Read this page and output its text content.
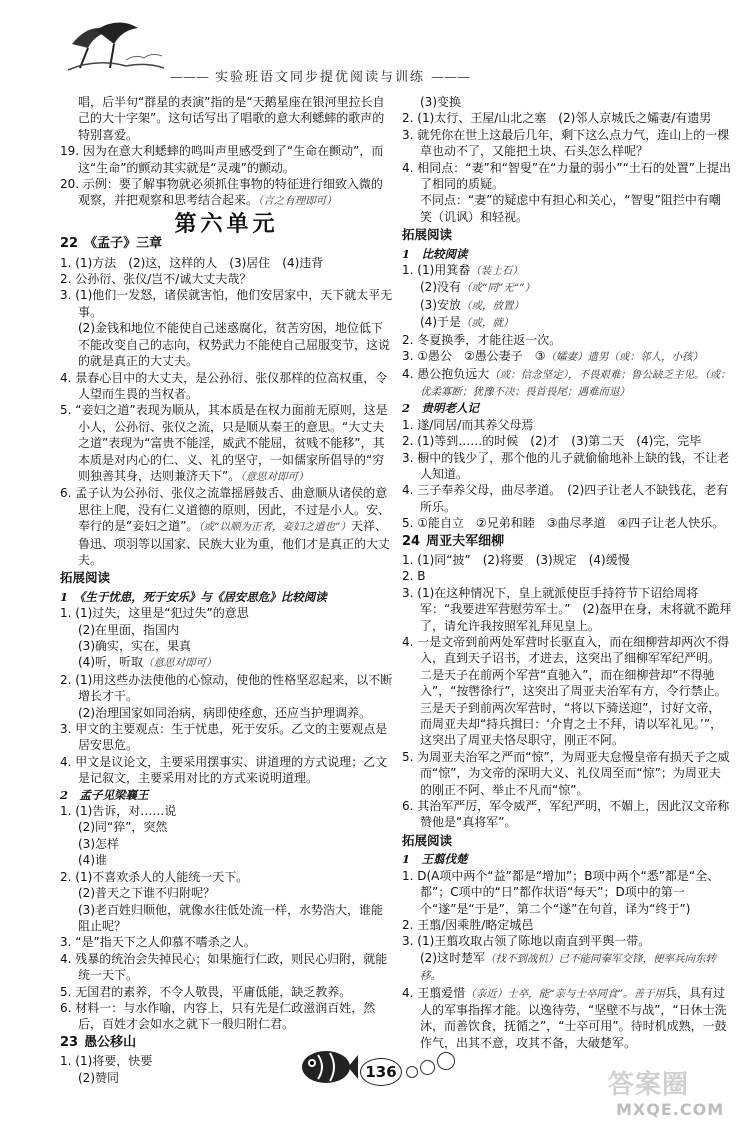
——— 实验班语文同步提优阅读与训练 ———

唱，后半句“群星的表演”指的是“天鹅星座在银河里拉长自己的大十字架”。这句话写出了唱歌的意大利蟋蟀的歌声的特别喜爱。

19. 因为在意大利蟋蟀的鸣叫声里感受到了“生命在颤动”，而这“生命”的颤动其实就是“灵魂”的颤动。

20. 示例：要了解事物就必须抓住事物的特征进行细致入微的观察，并把观察和思考结合起来。（言之有理即可）

第六单元
22 《孟子》三章

1. (1)方法　(2)这，这样的人　(3)居住　(4)违背

2. 公孙衍、张仪/岂不/诚大丈夫哉？

3. (1)他们一发怒，诸侯就害怕，他们安居家中，天下就太平无事。

(2)金钱和地位不能使自己迷惑腐化，贫苦穷困，地位低下不能改变自己的志向，权势武力不能使自己屈服变节，这说的就是真正的大丈夫。

4. 景春心目中的大丈夫，是公孙衍、张仪那样的位高权重，令人望而生畏的当权者。

5. “妾妇之道”表现为顺从，其本质是在权力面前无原则，这是小人，公孙衍、张仪之流，只是顺从秦王的意思。“大丈夫之道”表现为“富贵不能淫，威武不能屈，贫贱不能移”，其本质是对内心的仁、义、礼的坚守，一如儒家所倡导的“穷则独善其身，达则兼济天下”。（意思对即可）

6. 孟子认为公孙衍、张仪之流靠摇唇鼓舌、曲意顺从诸侯的意思往上爬，没有仁义道德的原则，因此，不过是小人。安、奉行的是“妾妇之道”。（或“以顺为正者，妾妇之道也”）天祥、鲁迅、项羽等以国家、民族大业为重，他们才是真正的大丈夫。

拓展阅读

1　《生于忧患，死于安乐》与《居安思危》比较阅读

1. (1)过失，这里是“犯过失”的意思

(2)在里面，指国内

(3)确实，实在，果真

(4)听，听取（意思对即可）

2. (1)用这些办法使他的心惊动，使他的性格坚忍起来，以不断增长才干。

(2)治理国家如同治病，病即使痊愈，还应当护理调养。

3. 甲文的主要观点：生于忧患，死于安乐。乙文的主要观点是居安思危。

4. 甲文是议论文，主要采用摆事实、讲道理的方式说理；乙文是记叙文，主要采用对比的方式来说明道理。

2　孟子见梁襄王

1. (1)告诉，对……说

(2)同“猝”，突然

(3)怎样

(4)谁

2. (1)不喜欢杀人的人能统一天下。

(2)普天之下谁不归附呢？

(3)老百姓归顺他，就像水往低处流一样，水势浩大，谁能阻止呢？

3. “是”指天下之人仰慕不嗜杀之人。

4. 残暴的统治会失掉民心；如果施行仁政，则民心归附，就能统一天下。

5. 无国君的素养，不令人敬畏，平庸低能，缺乏教养。

6. 材料一：与水作喻，内容上，只有先是仁政滋润百姓，然后，百姓才会如水之就下一般归附仁君。

23 愚公移山

1. (1)将要，快要

(2)赞同

(3)变换

2. (1)太行、王屋/山北之塞　(2)邻人京城氏之孀妻/有遗男

3. 就凭你在世上这最后几年，剩下这么点力气，连山上的一棵草也动不了，又能把土块、石头怎么样呢？

4. 相同点：“妻”和“智叟”在“力量的弱小”“土石的处置”上提出了相同的质疑。

不同点：“妻”的疑虑中有担心和关心，“智叟”阻拦中有嘲笑（讥讽）和轻视。

拓展阅读

1　比较阅读

1. (1)用箕畚（装土石）

(2)没有（或“同”无“”）

(3)安放（或，放置）

(4)于是（或，就）

2. 冬夏换季，才能往返一次。

3. ①愚公　②愚公妻子　③（孀妻）遗男（或：邻人，小孩）

4. 愚公抱负远大（或：信念坚定），不畏艰难；鲁公缺乏主见。（或：优柔寡断；犹豫不决；畏首畏尾；遇难而退）

2　贵明老人记

1. 遂/同居/而其养父母焉

2. (1)等到……的时候　(2)才　(3)第二天　(4)完，完毕

3. 橱中的钱少了，那个他的儿子就偷偷地补上缺的钱，不让老人知道。

4. 三子奉养父母，曲尽孝道。　(2)四子让老人不缺钱花，老有所乐。

5. ①能自立　②兄弟和睦　③曲尽孝道　④四子让老人快乐。

24 周亚夫军细柳

1. (1)同“披”　(2)将要　(3)规定　(4)缓慢

2. B

3. (1)在这种情况下，皇上就派使臣手持符节下诏给周将军：“我要进军营慰劳军士。”　(2)盔甲在身，末将就不跪拜了，请允许我按照军礼拜见皇上。

4. 一是文帝到前两处军营时长驱直入，而在细柳营却两次不得入，直到天子诏书，才进去，这突出了细柳军军纪严明。

二是天子在前两个军营“直驰入”，而在细柳营却“不得驰入”，“按辔徐行”，这突出了周亚夫治军有方，令行禁止。

三是天子到前两次军营时，“将以下骑送迎”，讨好文帝，而周亚夫却“持兵揖曰：‘介胄之士不拜，请以军礼见。’”，这突出了周亚夫恪尽职守，刚正不阿。

5. 为周亚夫治军之严而“惊”，为周亚夫怠慢皇帝有损天子之威而“惊”，为文帝的深明大义、礼仪周至而“惊”；为周亚夫的刚正不阿、举止不凡而“惊”。

6. 其治军严厉，军令威严，军纪严明，不媚上，因此汉文帝称赞他是“真将军”。

拓展阅读

1　王翦伐楚

1. D(A项中两个“益”都是“增加”；B项中两个“悉”都是“全、都”；C项中的“日”都作状语“每天”；D项中的第一个“遂”是“于是”，第二个“遂”在句首，译为“终于”)

2. 王翦/因乘胜/略定城邑

3. (1)王翦攻取占领了陈地以南直到平舆一带。

(2)这时楚军（找不到战机）已不能同秦军交锋，便率兵向东转移。

4. 王翦爱惜（亲近）士卒，能“亲与士卒同食”。善于用兵，具有过人的军事指挥才能。以逸待劳，“坚壁不与战”，“日休士洗沐，而善饮食，抚循之”，“士卒可用”。待时机成熟，一鼓作气，出其不意，攻其不备，大破楚军。

136	答案圈
MXQE.COM
